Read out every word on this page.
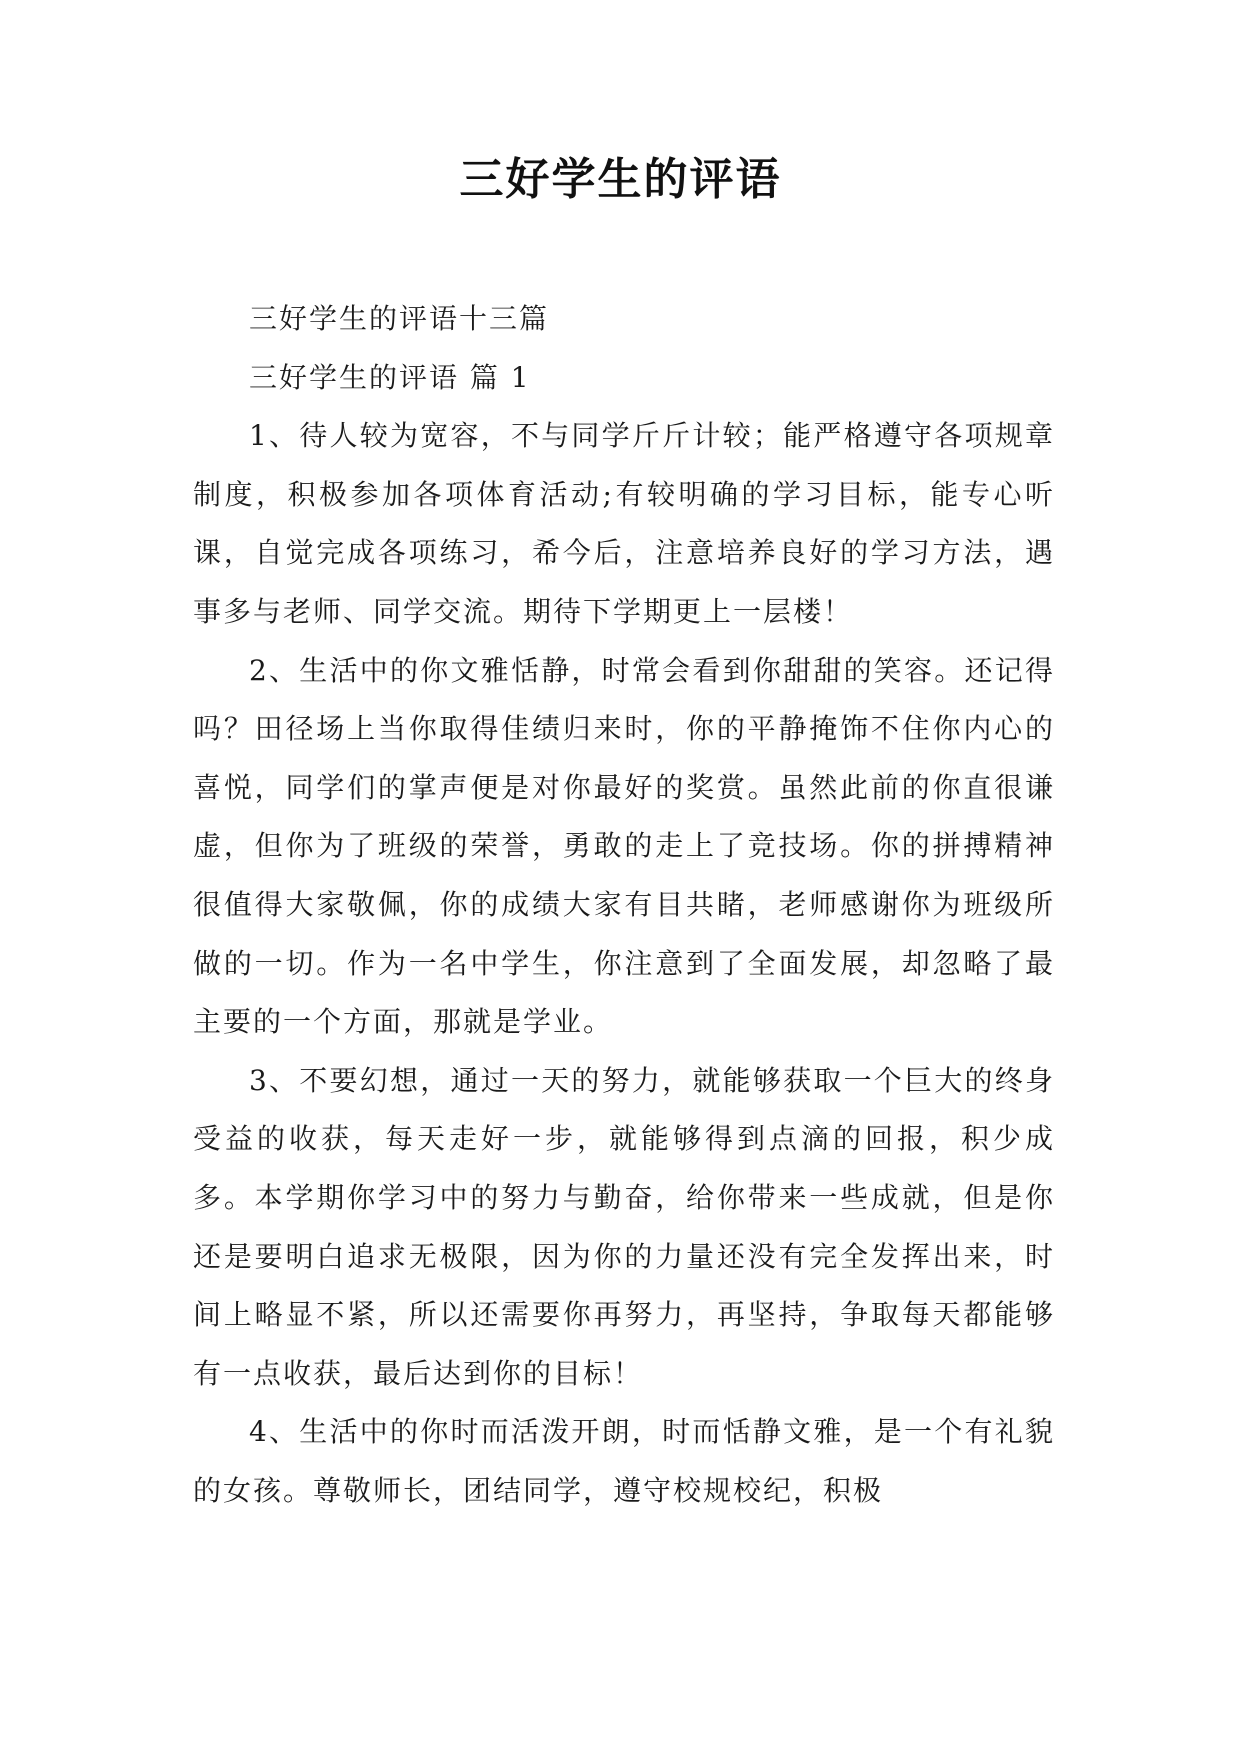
三好学生的评语

三好学生的评语十三篇

三好学生的评语 篇 1

1、待人较为宽容，不与同学斤斤计较；能严格遵守各项规章制度，积极参加各项体育活动;有较明确的学习目标，能专心听课，自觉完成各项练习，希今后，注意培养良好的学习方法，遇事多与老师、同学交流。期待下学期更上一层楼！

2、生活中的你文雅恬静，时常会看到你甜甜的笑容。还记得吗？田径场上当你取得佳绩归来时，你的平静掩饰不住你内心的喜悦，同学们的掌声便是对你最好的奖赏。虽然此前的你直很谦虚，但你为了班级的荣誉，勇敢的走上了竞技场。你的拼搏精神很值得大家敬佩，你的成绩大家有目共睹，老师感谢你为班级所做的一切。作为一名中学生，你注意到了全面发展，却忽略了最主要的一个方面，那就是学业。

3、不要幻想，通过一天的努力，就能够获取一个巨大的终身受益的收获，每天走好一步，就能够得到点滴的回报，积少成多。本学期你学习中的努力与勤奋，给你带来一些成就，但是你还是要明白追求无极限，因为你的力量还没有完全发挥出来，时间上略显不紧，所以还需要你再努力，再坚持，争取每天都能够有一点收获，最后达到你的目标！

4、生活中的你时而活泼开朗，时而恬静文雅，是一个有礼貌的女孩。尊敬师长，团结同学，遵守校规校纪，积极
